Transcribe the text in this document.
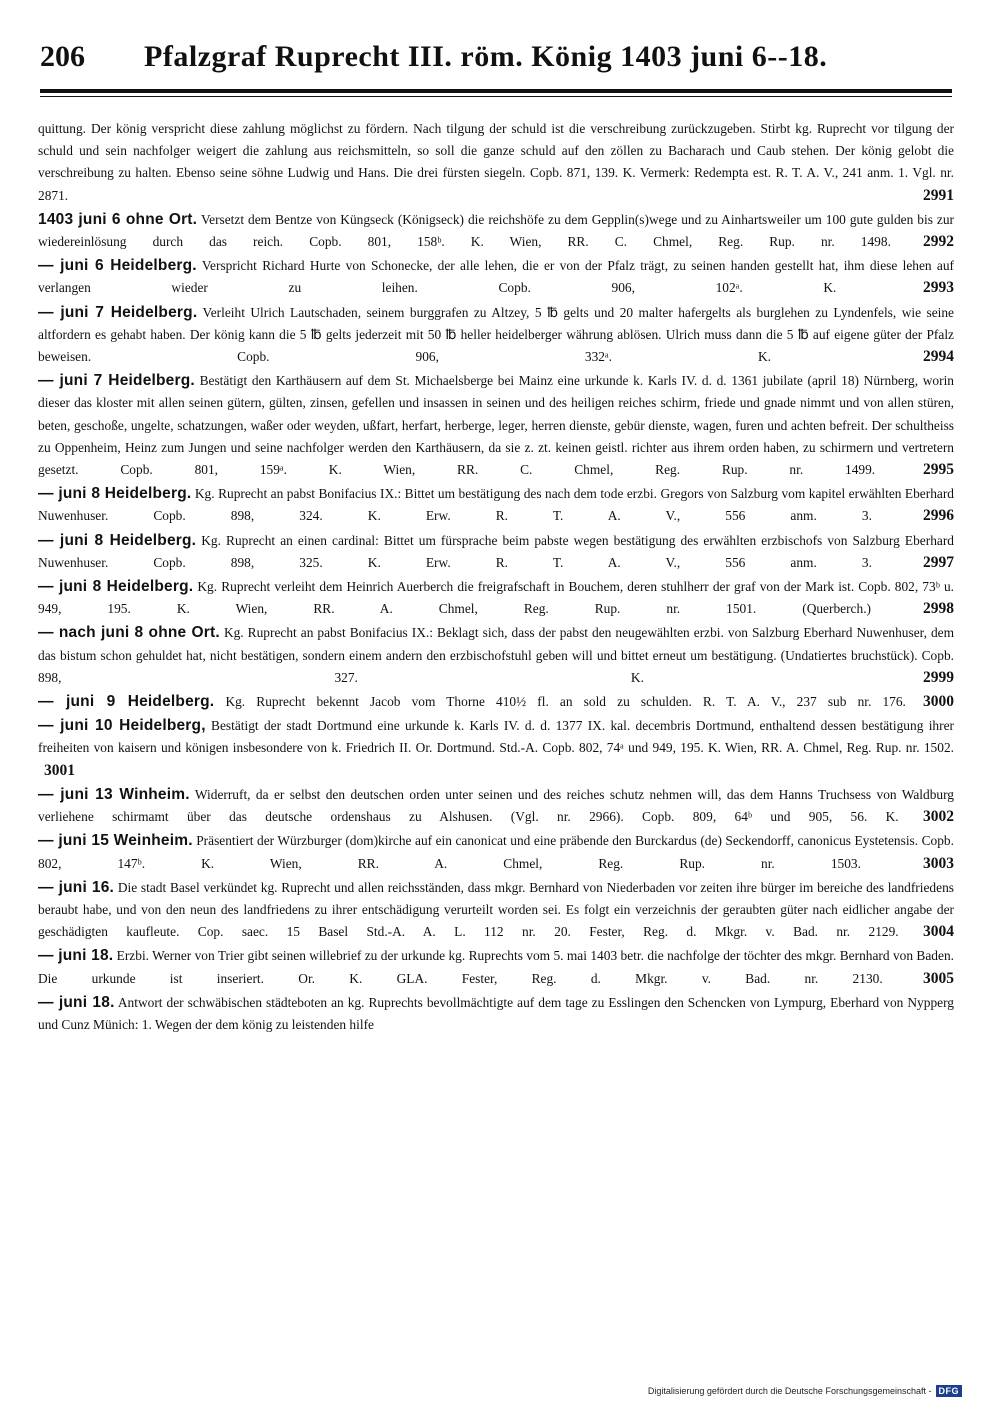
206 Pfalzgraf Ruprecht III. röm. König 1403 juni 6--18.

quittung. Der könig verspricht diese zahlung möglichst zu fördern. Nach tilgung der schuld ist die verschreibung zurückzugeben. Stirbt kg. Ruprecht vor tilgung der schuld und sein nachfolger weigert die zahlung aus reichsmitteln, so soll die ganze schuld auf den zöllen zu Bacharach und Caub stehen. Der könig gelobt die verschreibung zu halten. Ebenso seine söhne Ludwig und Hans. Die drei fürsten siegeln. Copb. 871, 139. K. Vermerk: Redempta est. R. T. A. V., 241 anm. 1. Vgl. nr. 2871.	2991

1403 juni 6 ohne Ort. Versetzt dem Bentze von Küngseck (Königseck) die reichshöfe zu dem Gepplin(s)wege und zu Ainhartsweiler um 100 gute gulden bis zur wiedereinlösung durch das reich. Copb. 801, 158ᵇ. K. Wien, RR. C. Chmel, Reg. Rup. nr. 1498. 2992

— juni 6 Heidelberg. Verspricht Richard Hurte von Schonecke, der alle lehen, die er von der Pfalz trägt, zu seinen handen gestellt hat, ihm diese lehen auf verlangen wieder zu leihen. Copb. 906, 102ᵃ. K.	2993

— juni 7 Heidelberg. Verleiht Ulrich Lautschaden, seinem burggrafen zu Altzey, 5 ℔ gelts und 20 malter hafergelts als burglehen zu Lyndenfels, wie seine altfordern es gehabt haben. Der könig kann die 5 ℔ gelts jederzeit mit 50 ℔ heller heidelberger währung ablösen. Ulrich muss dann die 5 ℔ auf eigene güter der Pfalz beweisen. Copb. 906, 332ᵃ. K.	2994

— juni 7 Heidelberg. Bestätigt den Karthäusern auf dem St. Michaelsberge bei Mainz eine urkunde k. Karls IV. d. d. 1361 jubilate (april 18) Nürnberg, worin dieser das kloster mit allen seinen gütern, gülten, zinsen, gefellen und insassen in seinen und des heiligen reiches schirm, friede und gnade nimmt und von allen stüren, beten, geschoße, ungelte, schatzungen, waßer oder weyden, ußfart, herfart, herberge, leger, herren dienste, gebür dienste, wagen, furen und achten befreit. Der schultheiss zu Oppenheim, Heinz zum Jungen und seine nachfolger werden den Karthäusern, da sie z. zt. keinen geistl. richter aus ihrem orden haben, zu schirmern und vertretern gesetzt. Copb. 801, 159ᵃ. K. Wien, RR. C. Chmel, Reg. Rup. nr. 1499.	2995

— juni 8 Heidelberg. Kg. Ruprecht an pabst Bonifacius IX.: Bittet um bestätigung des nach dem tode erzbi. Gregors von Salzburg vom kapitel erwählten Eberhard Nuwenhuser. Copb. 898, 324. K. Erw. R. T. A. V., 556 anm. 3.	2996

— juni 8 Heidelberg. Kg. Ruprecht an einen cardinal: Bittet um fürsprache beim pabste wegen bestätigung des erwählten erzbischofs von Salzburg Eberhard Nuwenhuser. Copb. 898, 325. K. Erw. R. T. A. V., 556 anm. 3.	2997

— juni 8 Heidelberg. Kg. Ruprecht verleiht dem Heinrich Auerberch die freigrafschaft in Bouchem, deren stuhlherr der graf von der Mark ist. Copb. 802, 73ᵇ u. 949, 195. K. Wien, RR. A. Chmel, Reg. Rup. nr. 1501. (Querberch.)	2998

— nach juni 8 ohne Ort. Kg. Ruprecht an pabst Bonifacius IX.: Beklagt sich, dass der pabst den neugewählten erzbi. von Salzburg Eberhard Nuwenhuser, dem das bistum schon gehuldet hat, nicht bestätigen, sondern einem andern den erzbischofstuhl geben will und bittet erneut um bestätigung. (Undatiertes bruchstück). Copb. 898, 327. K.	2999

— juni 9 Heidelberg. Kg. Ruprecht bekennt Jacob vom Thorne 410½ fl. an sold zu schulden. R. T. A. V., 237 sub nr. 176. 3000

— juni 10 Heidelberg, Bestätigt der stadt Dortmund eine urkunde k. Karls IV. d. d. 1377 IX. kal. decembris Dortmund, enthaltend dessen bestätigung ihrer freiheiten von kaisern und königen insbesondere von k. Friedrich II. Or. Dortmund. Std.-A. Copb. 802, 74ᵃ und 949, 195. K. Wien, RR. A. Chmel, Reg. Rup. nr. 1502. 3001

— juni 13 Winheim. Widerruft, da er selbst den deutschen orden unter seinen und des reiches schutz nehmen will, das dem Hanns Truchsess von Waldburg verliehene schirmamt über das deutsche ordenshaus zu Alshusen. (Vgl. nr. 2966). Copb. 809, 64ᵇ und 905, 56. K. 3002

— juni 15 Weinheim. Präsentiert der Würzburger (dom)kirche auf ein canonicat und eine präbende den Burckardus (de) Seckendorff, canonicus Eystetensis. Copb. 802, 147ᵇ. K. Wien, RR. A. Chmel, Reg. Rup. nr. 1503.	3003

— juni 16. Die stadt Basel verkündet kg. Ruprecht und allen reichsständen, dass mkgr. Bernhard von Niederbaden vor zeiten ihre bürger im bereiche des landfriedens beraubt habe, und von den neun des landfriedens zu ihrer entschädigung verurteilt worden sei. Es folgt ein verzeichnis der geraubten güter nach eidlicher angabe der geschädigten kaufleute. Cop. saec. 15 Basel Std.-A. A. L. 112 nr. 20. Fester, Reg. d. Mkgr. v. Bad. nr. 2129. 3004

— juni 18. Erzbi. Werner von Trier gibt seinen willebrief zu der urkunde kg. Ruprechts vom 5. mai 1403 betr. die nachfolge der töchter des mkgr. Bernhard von Baden. Die urkunde ist inseriert. Or. K. GLA. Fester, Reg. d. Mkgr. v. Bad. nr. 2130.	3005

— juni 18. Antwort der schwäbischen städteboten an kg. Ruprechts bevollmächtigte auf dem tage zu Esslingen den Schencken von Lympurg, Eberhard von Nypperg und Cunz Münich: 1. Wegen der dem könig zu leistenden hilfe

Digitalisierung gefördert durch die Deutsche Forschungsgemeinschaft - DFG
